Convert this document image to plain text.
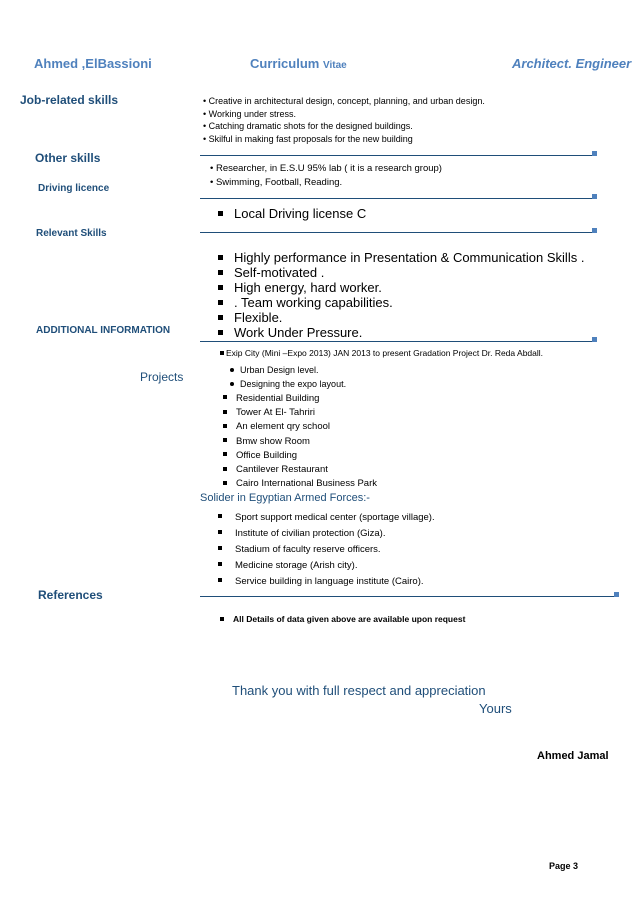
Ahmed ,ElBassioni	Curriculum Vitae	Architect. Engineer
Job-related skills
Other skills
Driving licence
Relevant Skills
ADDITIONAL INFORMATION
Projects
References
• Creative in architectural design, concept, planning, and urban design.
• Working under stress.
• Catching dramatic shots for the designed buildings.
• Skilful in making fast proposals for the new building
• Researcher, in E.S.U 95% lab ( it is a research group)
• Swimming, Football, Reading.
Local Driving license C
Highly performance in Presentation & Communication Skills .
Self-motivated .
High energy, hard worker.
. Team working capabilities.
Flexible.
Work Under Pressure.
Exip City (Mini –Expo 2013) JAN 2013 to present Gradation Project Dr. Reda Abdall.
Urban Design level.
Designing the expo layout.
Residential Building
Tower At El- Tahriri
An element qry school
Bmw show Room
Office Building
Cantilever Restaurant
Cairo International Business Park
Solider in Egyptian Armed Forces:-
Sport support medical center (sportage village).
Institute of civilian protection (Giza).
Stadium of faculty reserve officers.
Medicine storage (Arish city).
Service building in language institute (Cairo).
All Details of data given above are available upon request
Thank you with full respect and appreciation
Yours
Ahmed Jamal
Page 3
